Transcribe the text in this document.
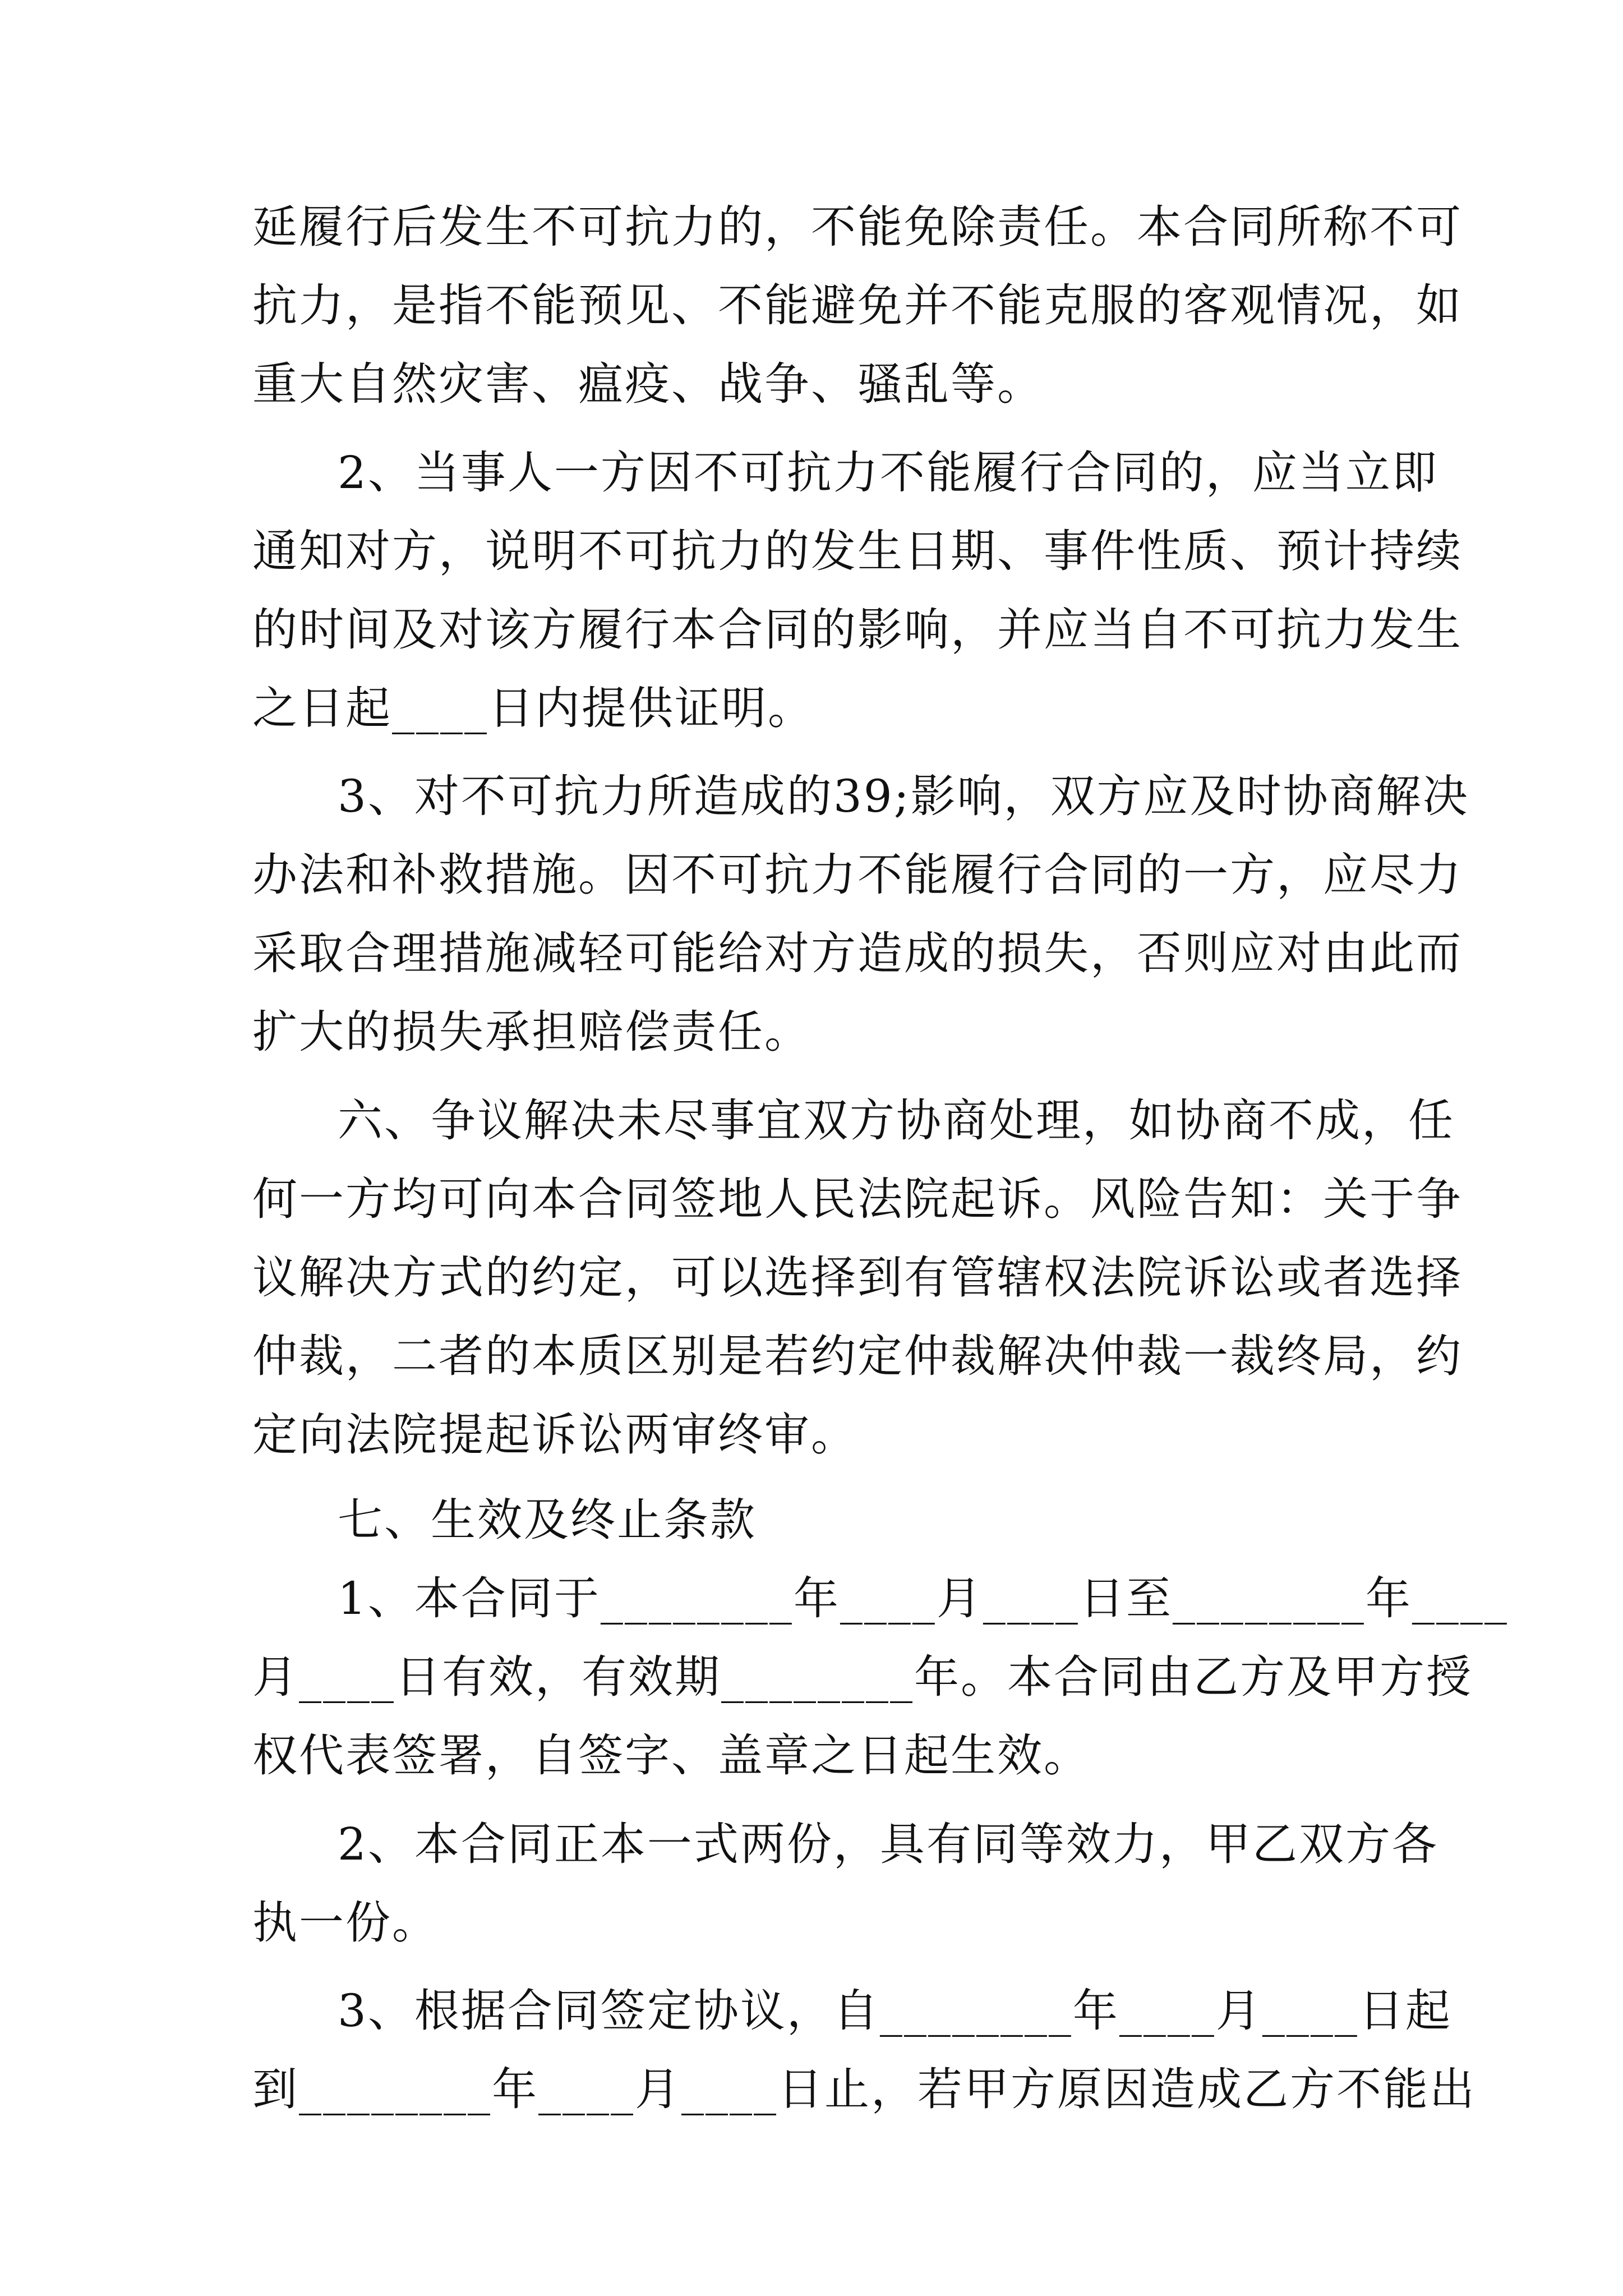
延履行后发生不可抗力的，不能免除责任。本合同所称不可
抗力，是指不能预见、不能避免并不能克服的客观情况，如
重大自然灾害、瘟疫、战争、骚乱等。
2、当事人一方因不可抗力不能履行合同的，应当立即
通知对方，说明不可抗力的发生日期、事件性质、预计持续
的时间及对该方履行本合同的影响，并应当自不可抗力发生
之日起____日内提供证明。
3、对不可抗力所造成的39;影响，双方应及时协商解决
办法和补救措施。因不可抗力不能履行合同的一方，应尽力
采取合理措施减轻可能给对方造成的损失，否则应对由此而
扩大的损失承担赔偿责任。
六、争议解决未尽事宜双方协商处理，如协商不成，任
何一方均可向本合同签地人民法院起诉。风险告知：关于争
议解决方式的约定，可以选择到有管辖权法院诉讼或者选择
仲裁，二者的本质区别是若约定仲裁解决仲裁一裁终局，约
定向法院提起诉讼两审终审。
七、生效及终止条款
1、本合同于________年____月____日至________年____
月____日有效，有效期________年。本合同由乙方及甲方授
权代表签署，自签字、盖章之日起生效。
2、本合同正本一式两份，具有同等效力，甲乙双方各
执一份。
3、根据合同签定协议，自________年____月____日起
到________年____月____日止，若甲方原因造成乙方不能出
